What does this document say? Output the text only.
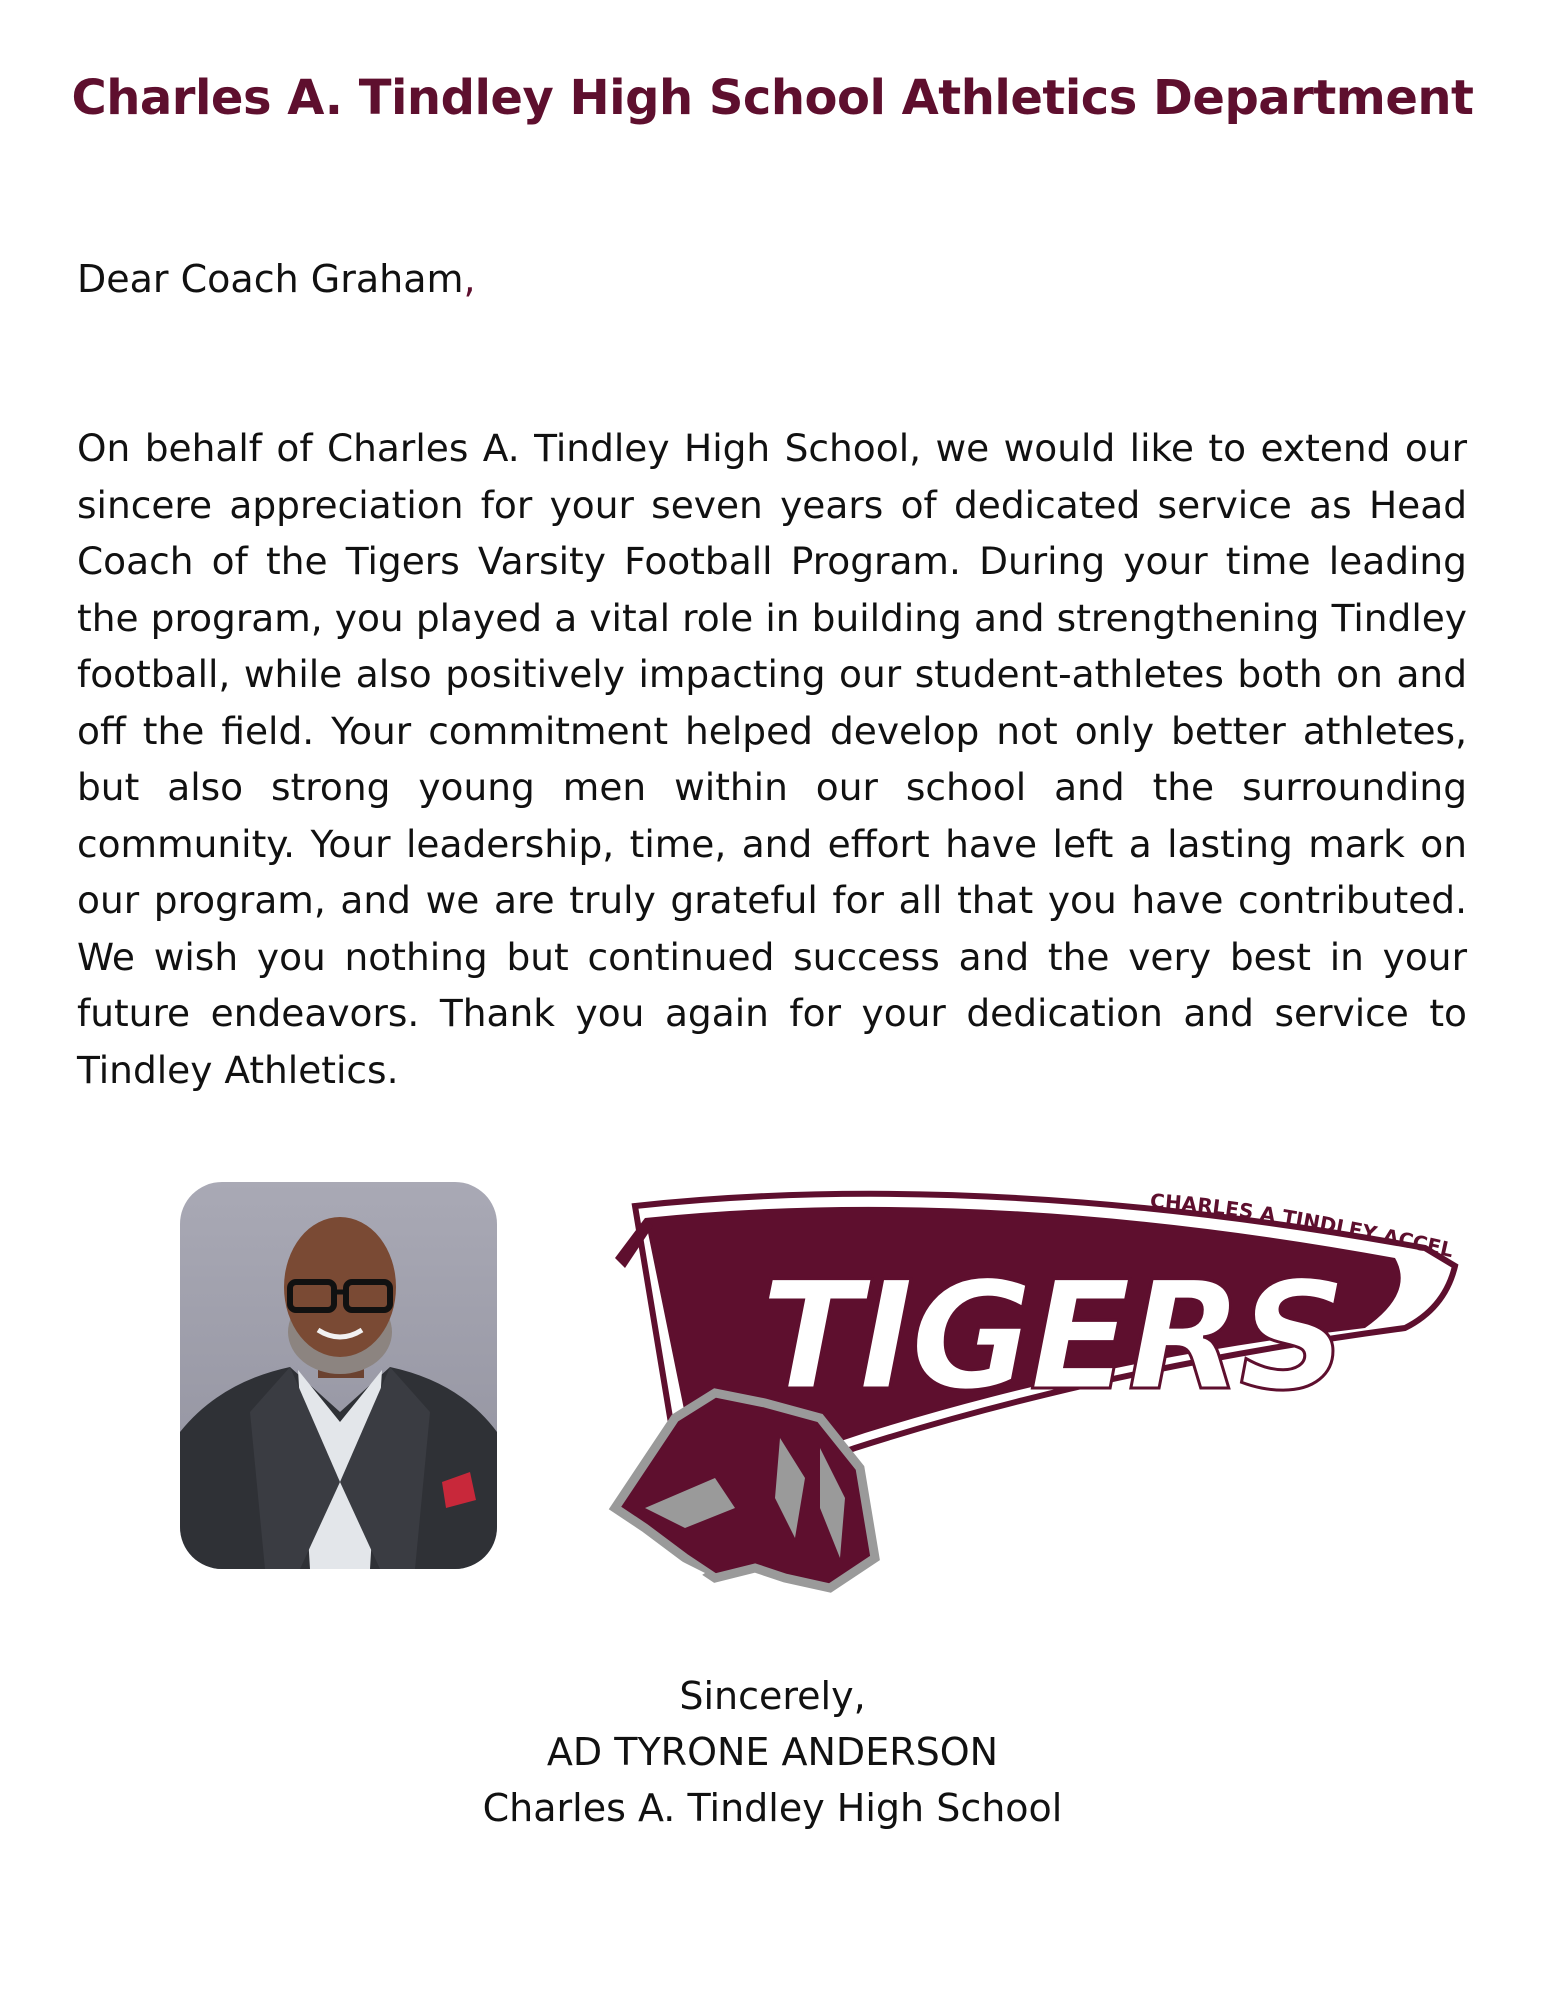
Charles A. Tindley High School Athletics Department

Dear Coach Graham,

On behalf of Charles A. Tindley High School, we would like to extend our sincere appreciation for your seven years of dedicated service as Head Coach of the Tigers Varsity Football Program. During your time leading the program, you played a vital role in building and strengthening Tindley football, while also positively impacting our student-athletes both on and off the field. Your commitment helped develop not only better athletes, but also strong young men within our school and the surrounding community. Your leadership, time, and effort have left a lasting mark on our program, and we are truly grateful for all that you have contributed. We wish you nothing but continued success and the very best in your future endeavors. Thank you again for your dedication and service to Tindley Athletics.

CHARLES A TINDLEY ACCEL
TIGERS
Sincerely,
AD TYRONE ANDERSON
Charles A. Tindley High School
